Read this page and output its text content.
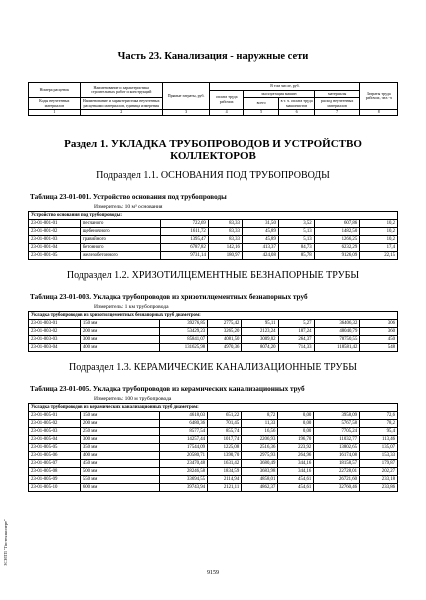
Часть 23. Канализация - наружные сети
Номера расценок	Наименование и характеристика строительных работ и конструкций	Прямые затраты, руб.	В том числе, руб.				Затраты труда рабочих, чел.-ч
			оплата труда рабочих	эксплуатация машин		материалы	
Коды неучтенных материалов	Наименование и характеристика неучтенных расценками материалов, единица измерения			всего	в т. ч. оплата труда машинистов	расход неучтенных материалов	
1	2	3	4	5	6	7	8
Раздел 1. УКЛАДКА ТРУБОПРОВОДОВ И УСТРОЙСТВО КОЛЛЕКТОРОВ
Подраздел 1.1. ОСНОВАНИЯ ПОД ТРУБОПРОВОДЫ
Таблица 23-01-001. Устройство основания под трубопроводы
Измеритель: 10 м³ основания
Устройство основания под трубопроводы:							
23-01-001-01	песчаного	722,69	83,33	31,50	3,52	607,86	10,2
23-01-001-02	щебеночного	1611,72	83,33	45,89	5,13	1482,50	10,2
23-01-001-03	гравийного	1395,47	83,33	45,89	5,13	1266,25	10,2
23-01-001-04	бетонного	6787,82	142,16	413,37	84,73	6232,29	17,4
23-01-001-05	железобетонного	9731,14	180,97	424,08	85,78	9126,09	22,15
Подраздел 1.2. ХРИЗОТИЛЦЕМЕНТНЫЕ БЕЗНАПОРНЫЕ ТРУБЫ
Таблица 23-01-003. Укладка трубопроводов из хризотилцементных безнапорных труб
Измеритель: 1 км трубопровода
Укладка трубопроводов из хризотилцементных безнапорных труб диаметром:							
23-01-003-01	150 мм	39276,85	2775,42	95,11	5,27	36406,32	306
23-01-003-02	200 мм	53429,23	3265,20	2123,24	187,24	48040,79	360
23-01-003-03	300 мм	85841,07	4081,50	3009,02	264,37	78750,55	450
23-01-003-04	400 мм	131625,98	4970,36	8074,20	714,33	118581,42	548
Подраздел 1.3. КЕРАМИЧЕСКИЕ КАНАЛИЗАЦИОННЫЕ ТРУБЫ
Таблица 23-01-005. Укладка трубопроводов из керамических канализационных труб
Измеритель: 100 м трубопровода
Укладка трубопроводов из керамических канализационных труб диаметром:							
23-01-005-01	150 мм	4618,03	651,22	8,72	0,00	3958,09	72,6
23-01-005-02	200 мм	6480,36	701,45	11,33	0,00	5767,58	78,2
23-01-005-03	250 мм	8577,54	855,74	16,56	0,00	7705,24	95,4
23-01-005-04	300 мм	14257,44	1017,74	2206,93	196,70	11032,77	113,46
23-01-005-05	350 мм	17544,09	1225,08	2516,36	223,92	13802,65	135,07
23-01-005-06	400 мм	20580,71	1390,70	2975,93	264,96	16174,08	153,33
23-01-005-07	450 мм	23470,48	1631,42	3680,49	344,16	18158,57	179,87
23-01-005-08	500 мм	28246,58	1834,59	3683,98	344,16	22728,01	202,27
23-01-005-09	550 мм	33694,55	2114,94	4858,01	454,61	26721,60	233,18
23-01-005-10	600 мм	39743,94	2121,11	4862,37	454,61	32760,46	233,86
ЗСНТП "Гостехэксперт"
9159
